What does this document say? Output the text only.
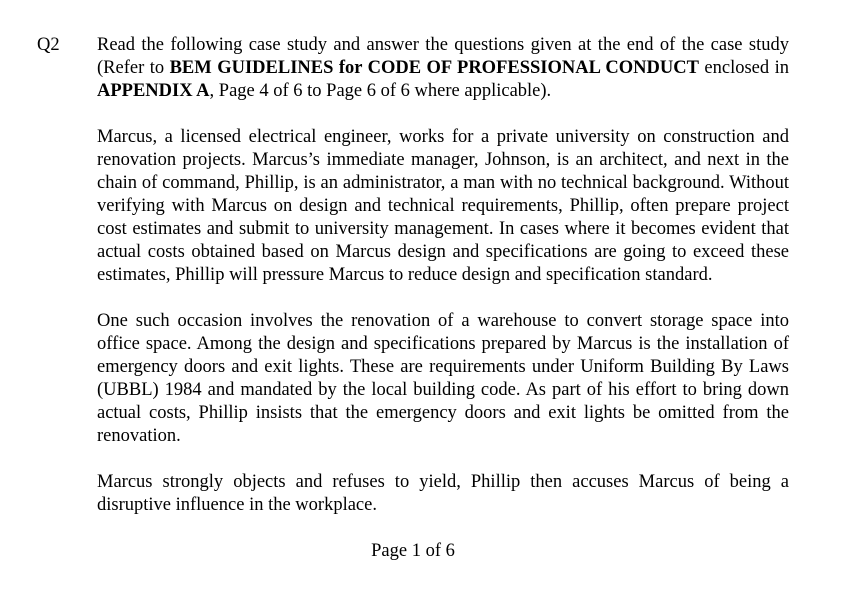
Q2 Read the following case study and answer the questions given at the end of the case study (Refer to BEM GUIDELINES for CODE OF PROFESSIONAL CONDUCT enclosed in APPENDIX A, Page 4 of 6 to Page 6 of 6 where applicable).

Marcus, a licensed electrical engineer, works for a private university on construction and renovation projects. Marcus’s immediate manager, Johnson, is an architect, and next in the chain of command, Phillip, is an administrator, a man with no technical background. Without verifying with Marcus on design and technical requirements, Phillip, often prepare project cost estimates and submit to university management. In cases where it becomes evident that actual costs obtained based on Marcus design and specifications are going to exceed these estimates, Phillip will pressure Marcus to reduce design and specification standard.

One such occasion involves the renovation of a warehouse to convert storage space into office space. Among the design and specifications prepared by Marcus is the installation of emergency doors and exit lights. These are requirements under Uniform Building By Laws (UBBL) 1984 and mandated by the local building code. As part of his effort to bring down actual costs, Phillip insists that the emergency doors and exit lights be omitted from the renovation.

Marcus strongly objects and refuses to yield, Phillip then accuses Marcus of being a disruptive influence in the workplace.

Page 1 of 6
